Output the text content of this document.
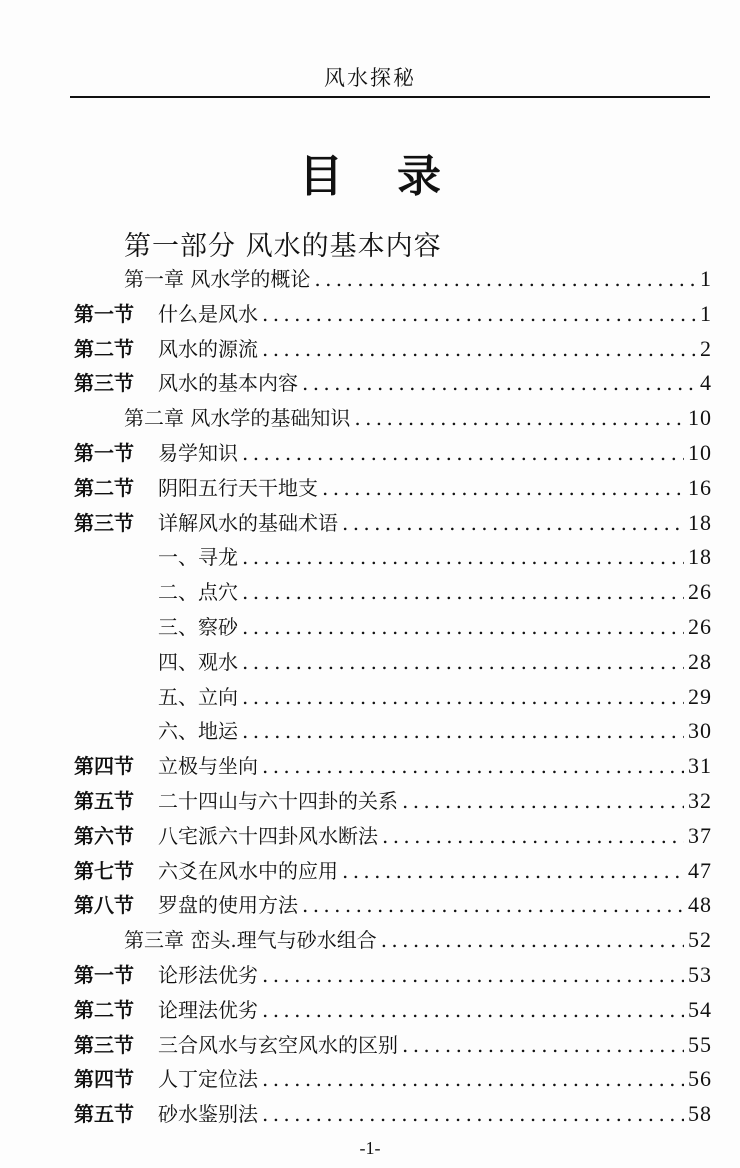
风水探秘
目录
第一部分 风水的基本内容
第一章 风水学的概论 . . .	1
第一节	什么是风水 . . .	1
第二节	风水的源流 . . .	2
第三节	风水的基本内容 . . .	4
第二章 风水学的基础知识 . . .	10
第一节	易学知识 . . .	10
第二节	阴阳五行天干地支 . . .	16
第三节	详解风水的基础术语 . . .	18
一、寻龙 . . .	18
二、点穴 . . .	26
三、察砂 . . .	26
四、观水 . . .	28
五、立向 . . .	29
六、地运 . . .	30
第四节	立极与坐向 . . .	31
第五节	二十四山与六十四卦的关系 . . .	32
第六节	八宅派六十四卦风水断法 . . .	37
第七节	六爻在风水中的应用 . . .	47
第八节	罗盘的使用方法 . . .	48
第三章 峦头.理气与砂水组合 . . .	52
第一节	论形法优劣 . . .	53
第二节	论理法优劣 . . .	54
第三节	三合风水与玄空风水的区别 . . .	55
第四节	人丁定位法 . . .	56
第五节	砂水鉴别法 . . .	58
-1-
